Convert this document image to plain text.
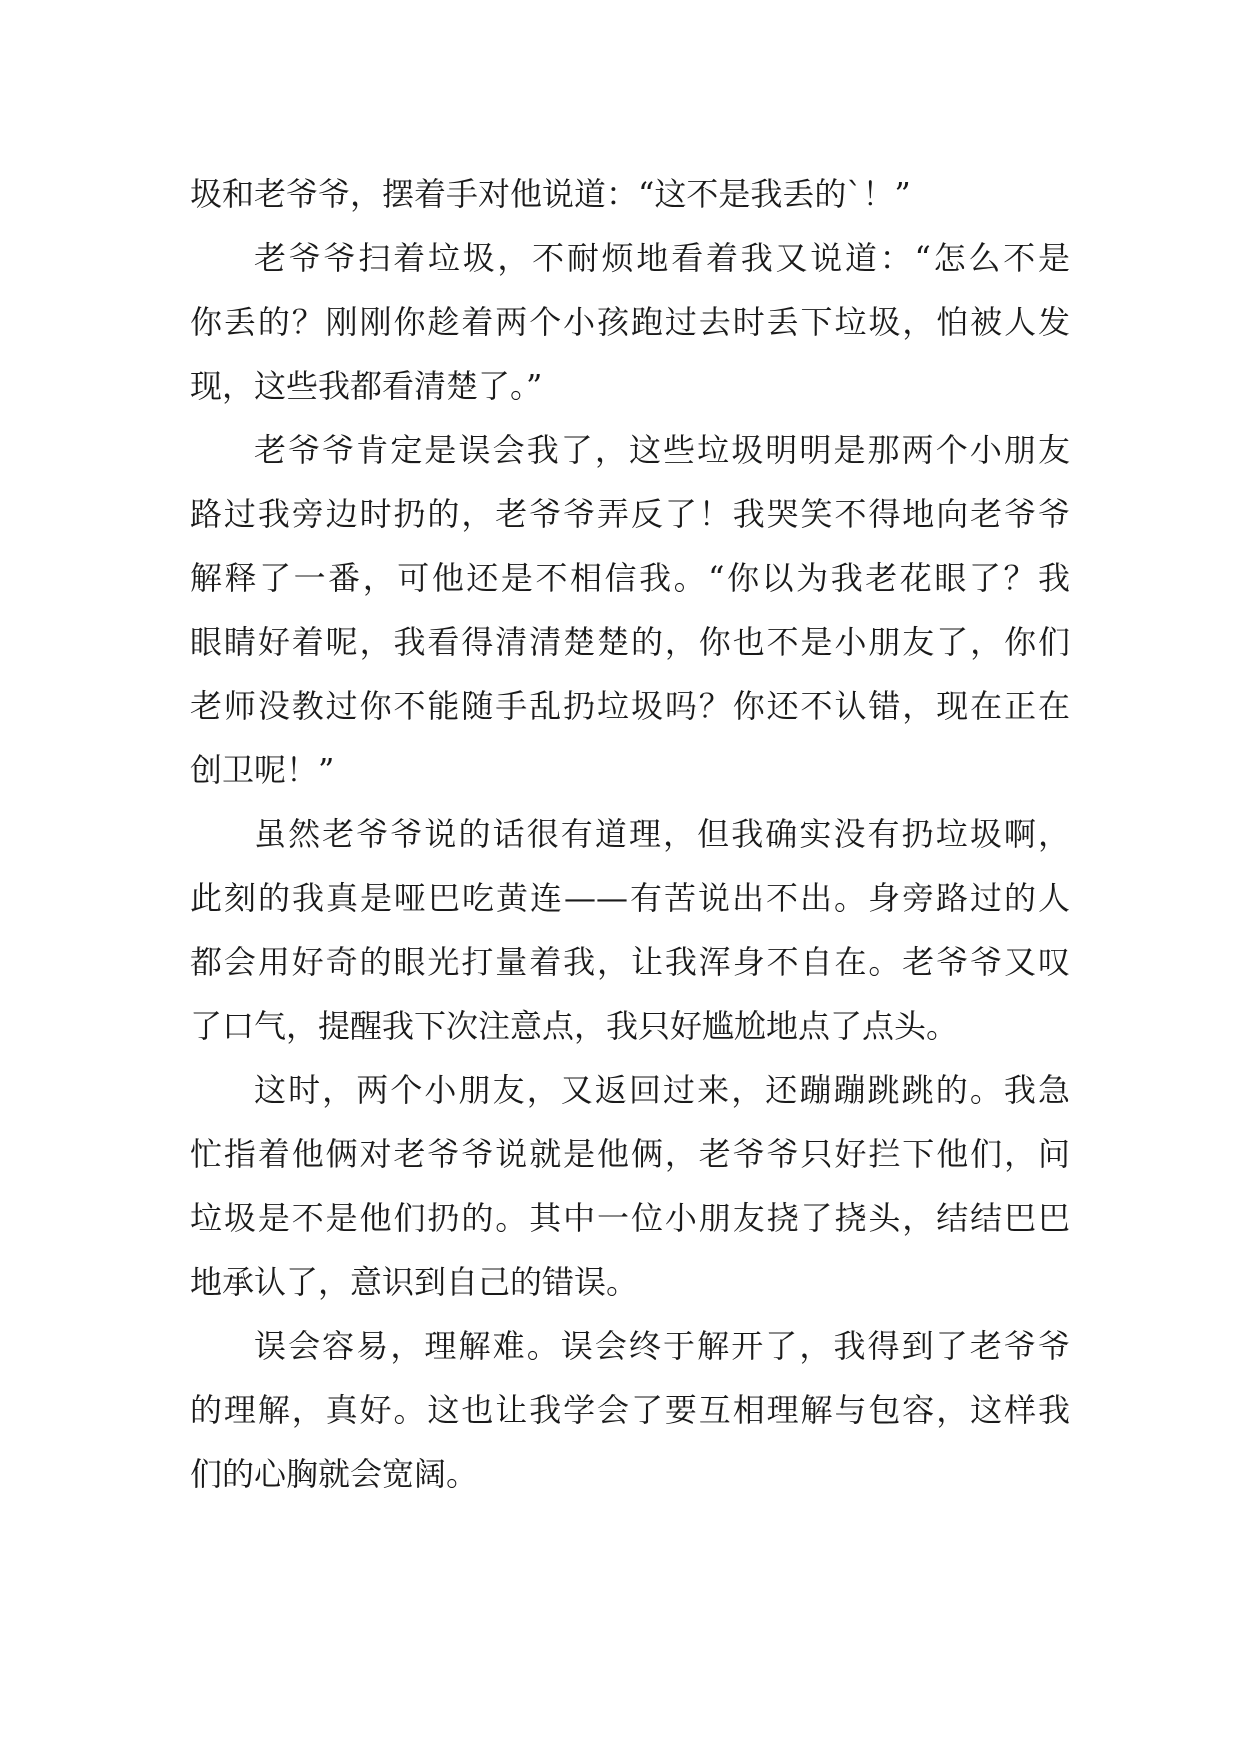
圾和老爷爷，摆着手对他说道：“这不是我丢的`！”
老爷爷扫着垃圾，不耐烦地看着我又说道：“怎么不是
你丢的？刚刚你趁着两个小孩跑过去时丢下垃圾，怕被人发
现，这些我都看清楚了。”
老爷爷肯定是误会我了，这些垃圾明明是那两个小朋友
路过我旁边时扔的，老爷爷弄反了！我哭笑不得地向老爷爷
解释了一番，可他还是不相信我。“你以为我老花眼了？我
眼睛好着呢，我看得清清楚楚的，你也不是小朋友了，你们
老师没教过你不能随手乱扔垃圾吗？你还不认错，现在正在
创卫呢！”
虽然老爷爷说的话很有道理，但我确实没有扔垃圾啊，
此刻的我真是哑巴吃黄连——有苦说出不出。身旁路过的人
都会用好奇的眼光打量着我，让我浑身不自在。老爷爷又叹
了口气，提醒我下次注意点，我只好尴尬地点了点头。
这时，两个小朋友，又返回过来，还蹦蹦跳跳的。我急
忙指着他俩对老爷爷说就是他俩，老爷爷只好拦下他们，问
垃圾是不是他们扔的。其中一位小朋友挠了挠头，结结巴巴
地承认了，意识到自己的错误。
误会容易，理解难。误会终于解开了，我得到了老爷爷
的理解，真好。这也让我学会了要互相理解与包容，这样我
们的心胸就会宽阔。
